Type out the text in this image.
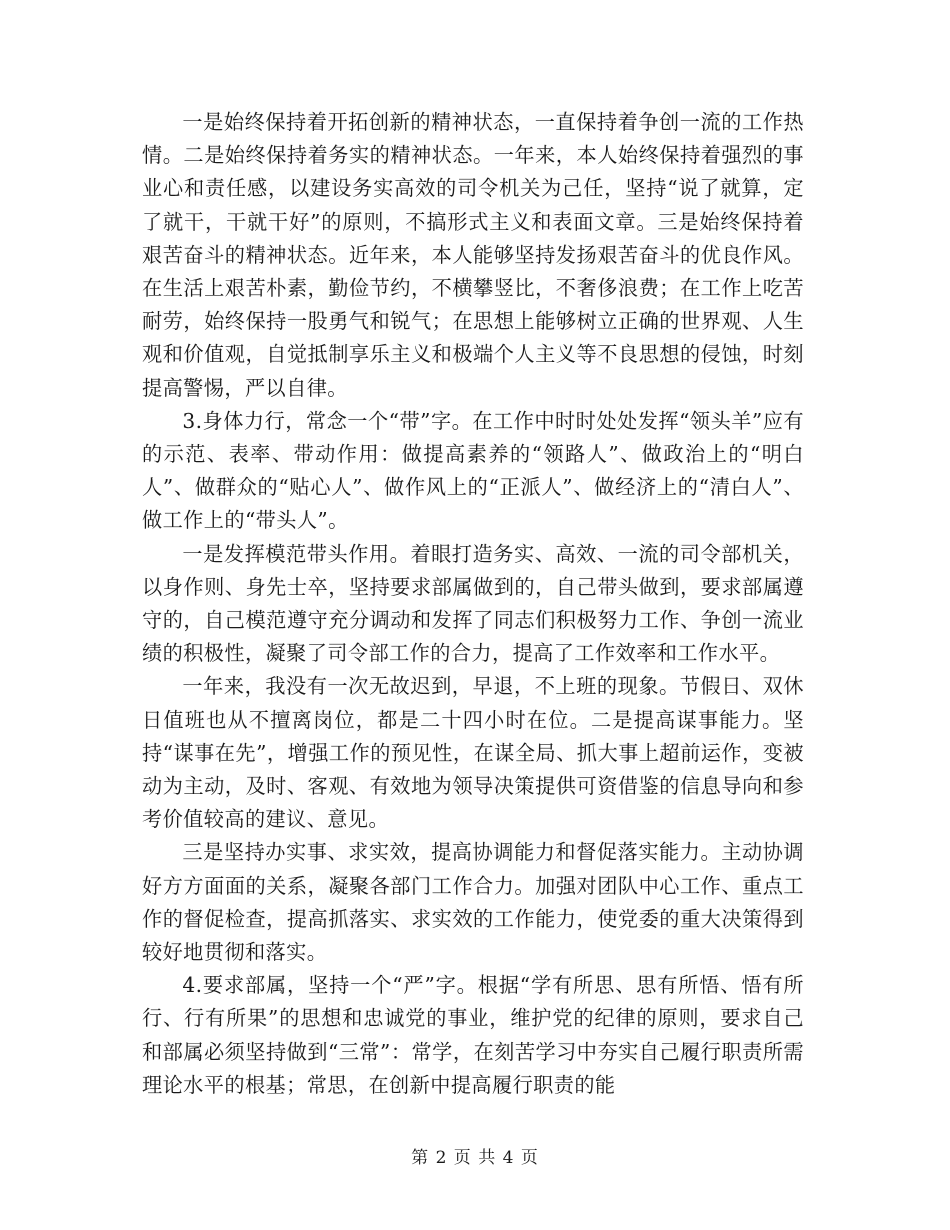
一是始终保持着开拓创新的精神状态，一直保持着争创一流的工作热情。二是始终保持着务实的精神状态。一年来，本人始终保持着强烈的事业心和责任感，以建设务实高效的司令机关为己任，坚持“说了就算，定了就干，干就干好”的原则，不搞形式主义和表面文章。三是始终保持着艰苦奋斗的精神状态。近年来，本人能够坚持发扬艰苦奋斗的优良作风。在生活上艰苦朴素，勤俭节约，不横攀竖比，不奢侈浪费；在工作上吃苦耐劳，始终保持一股勇气和锐气；在思想上能够树立正确的世界观、人生观和价值观，自觉抵制享乐主义和极端个人主义等不良思想的侵蚀，时刻提高警惕，严以自律。

3.身体力行，常念一个“带”字。在工作中时时处处发挥“领头羊”应有的示范、表率、带动作用：做提高素养的“领路人”、做政治上的“明白人”、做群众的“贴心人”、做作风上的“正派人”、做经济上的“清白人”、做工作上的“带头人”。

一是发挥模范带头作用。着眼打造务实、高效、一流的司令部机关，以身作则、身先士卒，坚持要求部属做到的，自己带头做到，要求部属遵守的，自己模范遵守充分调动和发挥了同志们积极努力工作、争创一流业绩的积极性，凝聚了司令部工作的合力，提高了工作效率和工作水平。

一年来，我没有一次无故迟到，早退，不上班的现象。节假日、双休日值班也从不擅离岗位，都是二十四小时在位。二是提高谋事能力。坚持“谋事在先”，增强工作的预见性，在谋全局、抓大事上超前运作，变被动为主动，及时、客观、有效地为领导决策提供可资借鉴的信息导向和参考价值较高的建议、意见。

三是坚持办实事、求实效，提高协调能力和督促落实能力。主动协调好方方面面的关系，凝聚各部门工作合力。加强对团队中心工作、重点工作的督促检查，提高抓落实、求实效的工作能力，使党委的重大决策得到较好地贯彻和落实。

4.要求部属，坚持一个“严”字。根据“学有所思、思有所悟、悟有所行、行有所果”的思想和忠诚党的事业，维护党的纪律的原则，要求自己和部属必须坚持做到“三常”：常学，在刻苦学习中夯实自己履行职责所需理论水平的根基；常思，在创新中提高履行职责的能

第 2 页 共 4 页
